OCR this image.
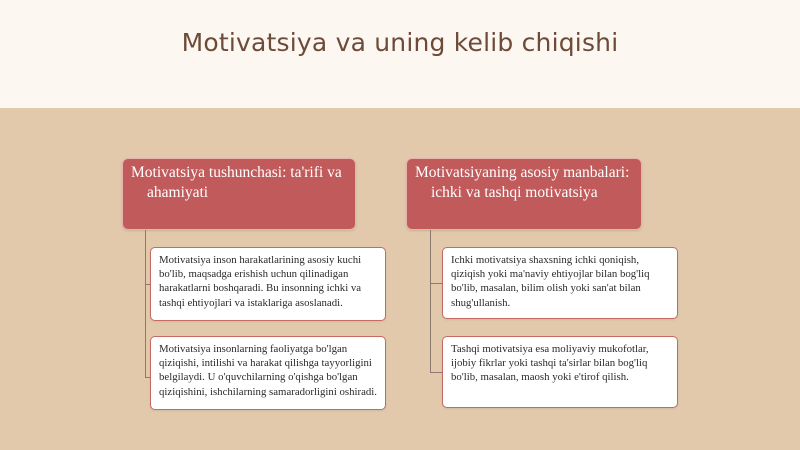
Motivatsiya va uning kelib chiqishi
Motivatsiya tushunchasi: ta'rifi va
ahamiyati
Motivatsiya inson harakatlarining asosiy kuchi bo'lib, maqsadga erishish uchun qilinadigan harakatlarni boshqaradi. Bu insonning ichki va tashqi ehtiyojlari va istaklariga asoslanadi.
Motivatsiya insonlarning faoliyatga bo'lgan qiziqishi, intilishi va harakat qilishga tayyorligini belgilaydi. U o'quvchilarning o'qishga bo'lgan qiziqishini, ishchilarning samaradorligini oshiradi.
Motivatsiyaning asosiy manbalari:
ichki va tashqi motivatsiya
Ichki motivatsiya shaxsning ichki qoniqish, qiziqish yoki ma'naviy ehtiyojlar bilan bog'liq bo'lib, masalan, bilim olish yoki san'at bilan shug'ullanish.
Tashqi motivatsiya esa moliyaviy mukofotlar, ijobiy fikrlar yoki tashqi ta'sirlar bilan bog'liq bo'lib, masalan, maosh yoki e'tirof qilish.
